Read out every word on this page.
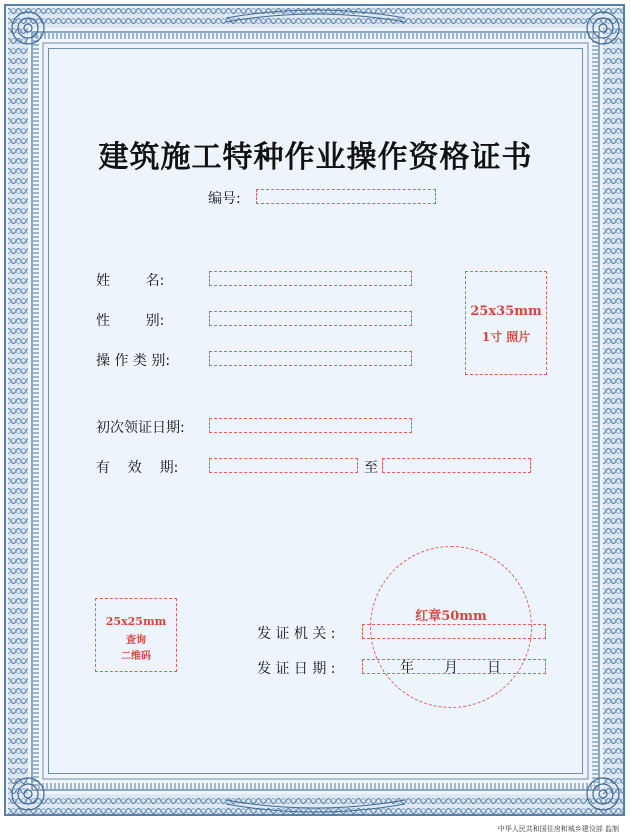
建筑施工特种作业操作资格证书
编号:
姓        名:
性        别:
操 作 类 别:
初次领证日期:
有    效    期:	至
25x35mm
1寸 照片
25x25mm
查询
二维码
红章50mm
发 证 机 关 :
发 证 日 期 :	年 月 日
中华人民共和国住房和城乡建设部 监制
